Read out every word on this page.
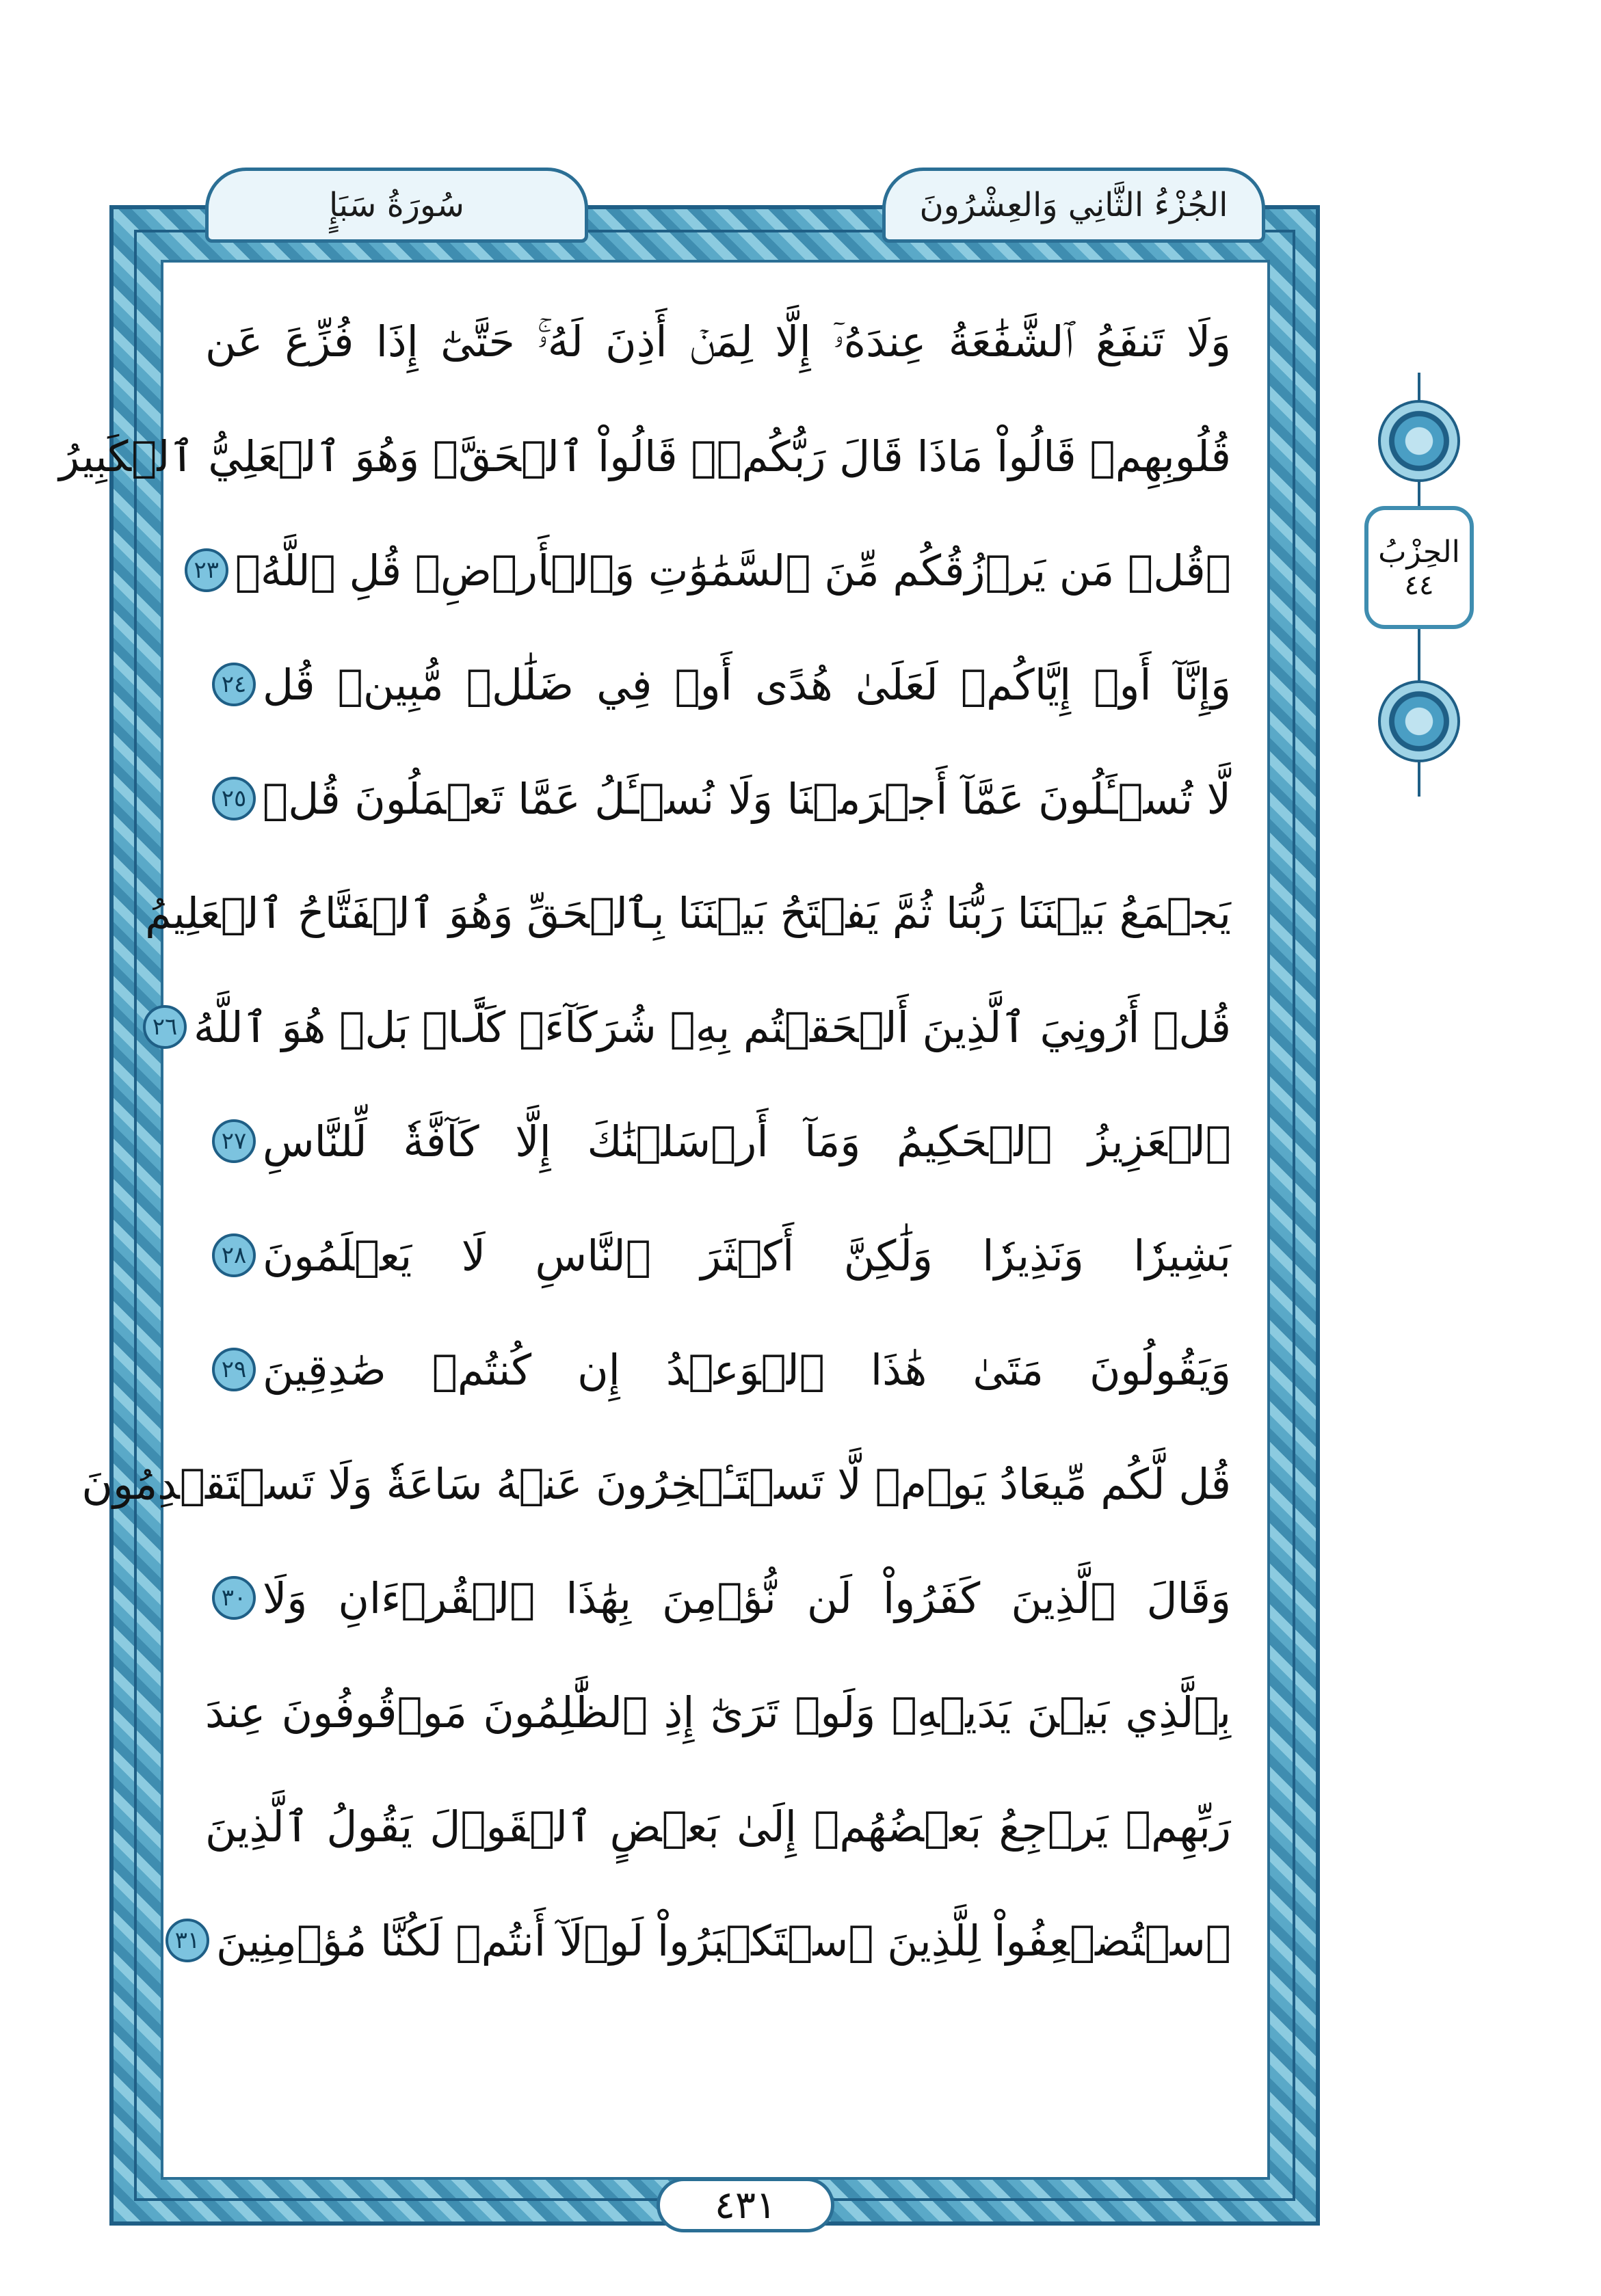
سُورَةُ سَبَإٍ	الجُزْءُ الثَّانِي وَالعِشْرُونَ
وَلَا تَنفَعُ ٱلشَّفَٰعَةُ عِندَهُۥٓ إِلَّا لِمَنۡ أَذِنَ لَهُۥۚ حَتَّىٰٓ إِذَا فُزِّعَ عَن
قُلُوبِهِمۡ قَالُواْ مَاذَا قَالَ رَبُّكُمۡۖ قَالُواْ ٱلۡحَقَّۖ وَهُوَ ٱلۡعَلِيُّ ٱلۡكَبِيرُ
۞قُلۡ مَن يَرۡزُقُكُم مِّنَ ٱلسَّمَٰوَٰتِ وَٱلۡأَرۡضِۖ قُلِ ٱللَّهُۖ
٢٣
وَإِنَّآ أَوۡ إِيَّاكُمۡ لَعَلَىٰ هُدًى أَوۡ فِي ضَلَٰلٖ مُّبِينٖ قُل
٢٤
لَّا تُسۡـَٔلُونَ عَمَّآ أَجۡرَمۡنَا وَلَا نُسۡـَٔلُ عَمَّا تَعۡمَلُونَ قُلۡ
٢٥
يَجۡمَعُ بَيۡنَنَا رَبُّنَا ثُمَّ يَفۡتَحُ بَيۡنَنَا بِٱلۡحَقِّ وَهُوَ ٱلۡفَتَّاحُ ٱلۡعَلِيمُ
قُلۡ أَرُونِيَ ٱلَّذِينَ أَلۡحَقۡتُم بِهِۦ شُرَكَآءَۖ كَلَّاۚ بَلۡ هُوَ ٱللَّهُ
٢٦
ٱلۡعَزِيزُ ٱلۡحَكِيمُ وَمَآ أَرۡسَلۡنَٰكَ إِلَّا كَآفَّةٗ لِّلنَّاسِ
٢٧
بَشِيرٗا وَنَذِيرٗا وَلَٰكِنَّ أَكۡثَرَ ٱلنَّاسِ لَا يَعۡلَمُونَ
٢٨
وَيَقُولُونَ مَتَىٰ هَٰذَا ٱلۡوَعۡدُ إِن كُنتُمۡ صَٰدِقِينَ
٢٩
قُل لَّكُم مِّيعَادُ يَوۡمٖ لَّا تَسۡتَـٔۡخِرُونَ عَنۡهُ سَاعَةٗ وَلَا تَسۡتَقۡدِمُونَ
وَقَالَ ٱلَّذِينَ كَفَرُواْ لَن نُّؤۡمِنَ بِهَٰذَا ٱلۡقُرۡءَانِ وَلَا
٣٠
بِٱلَّذِي بَيۡنَ يَدَيۡهِۗ وَلَوۡ تَرَىٰٓ إِذِ ٱلظَّٰلِمُونَ مَوۡقُوفُونَ عِندَ
رَبِّهِمۡ يَرۡجِعُ بَعۡضُهُمۡ إِلَىٰ بَعۡضٍ ٱلۡقَوۡلَ يَقُولُ ٱلَّذِينَ
ٱسۡتُضۡعِفُواْ لِلَّذِينَ ٱسۡتَكۡبَرُواْ لَوۡلَآ أَنتُمۡ لَكُنَّا مُؤۡمِنِينَ
٣١
٤٣١
الحِزْبُ
٤٤
